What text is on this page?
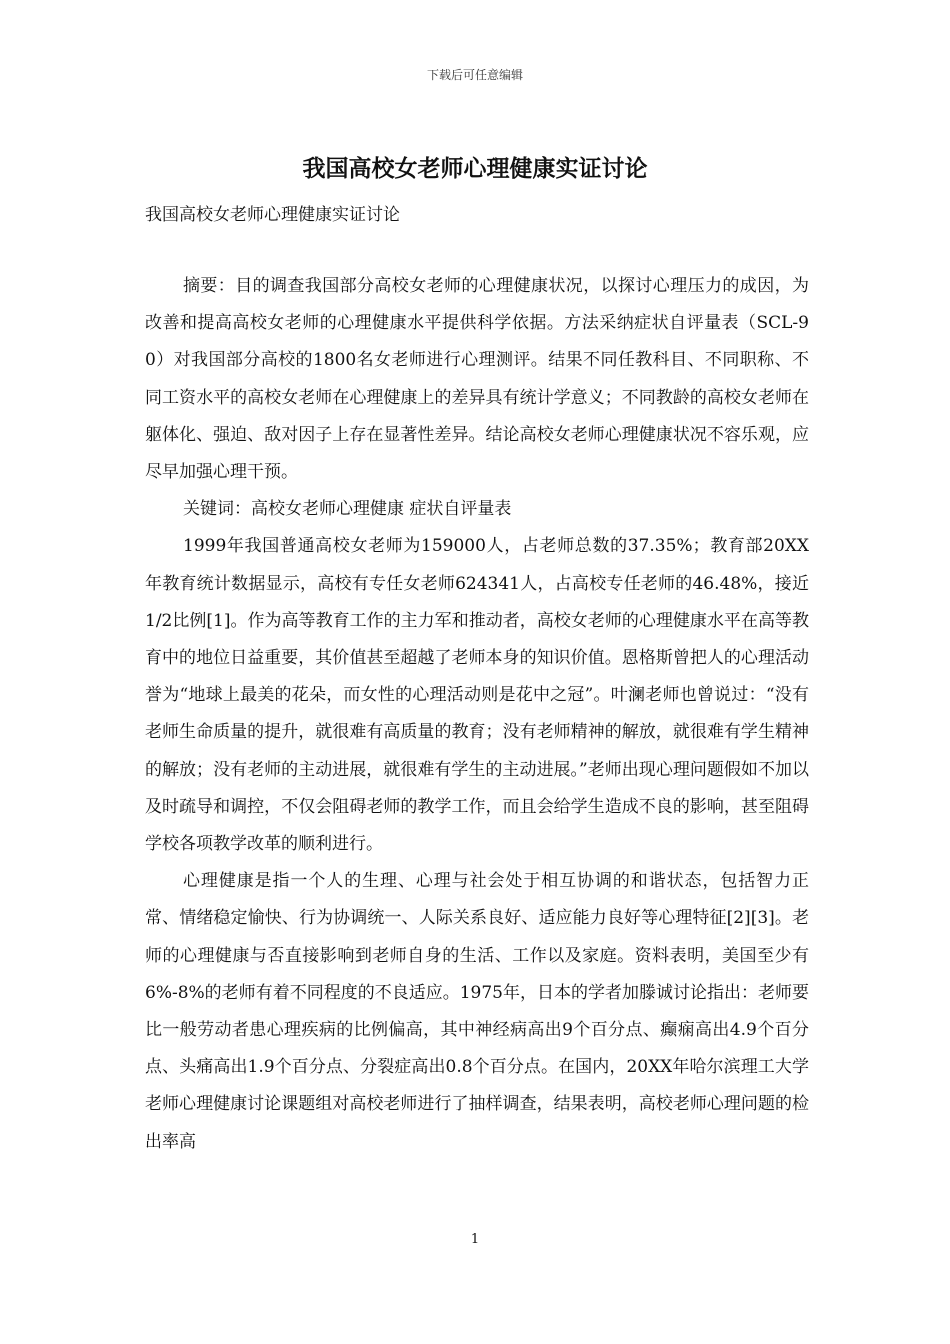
下载后可任意编辑
我国高校女老师心理健康实证讨论

我国高校女老师心理健康实证讨论

摘要：目的调查我国部分高校女老师的心理健康状况，以探讨心理压力的成因，为改善和提高高校女老师的心理健康水平提供科学依据。方法采纳症状自评量表（SCL-90）对我国部分高校的1800名女老师进行心理测评。结果不同任教科目、不同职称、不同工资水平的高校女老师在心理健康上的差异具有统计学意义；不同教龄的高校女老师在躯体化、强迫、敌对因子上存在显著性差异。结论高校女老师心理健康状况不容乐观，应尽早加强心理干预。

关键词：高校女老师心理健康 症状自评量表

1999年我国普通高校女老师为159000人，占老师总数的37.35%；教育部20XX年教育统计数据显示，高校有专任女老师624341人，占高校专任老师的46.48%，接近1/2比例[1]。作为高等教育工作的主力军和推动者，高校女老师的心理健康水平在高等教育中的地位日益重要，其价值甚至超越了老师本身的知识价值。恩格斯曾把人的心理活动誉为“地球上最美的花朵，而女性的心理活动则是花中之冠”。叶澜老师也曾说过：“没有老师生命质量的提升，就很难有高质量的教育；没有老师精神的解放，就很难有学生精神的解放；没有老师的主动进展，就很难有学生的主动进展。”老师出现心理问题假如不加以及时疏导和调控，不仅会阻碍老师的教学工作，而且会给学生造成不良的影响，甚至阻碍学校各项教学改革的顺利进行。

心理健康是指一个人的生理、心理与社会处于相互协调的和谐状态，包括智力正常、情绪稳定愉快、行为协调统一、人际关系良好、适应能力良好等心理特征[2][3]。老师的心理健康与否直接影响到老师自身的生活、工作以及家庭。资料表明，美国至少有6%-8%的老师有着不同程度的不良适应。1975年，日本的学者加滕诚讨论指出：老师要比一般劳动者患心理疾病的比例偏高，其中神经病高出9个百分点、癫痫高出4.9个百分点、头痛高出1.9个百分点、分裂症高出0.8个百分点。在国内，20XX年哈尔滨理工大学老师心理健康讨论课题组对高校老师进行了抽样调查，结果表明，高校老师心理问题的检出率高

1
